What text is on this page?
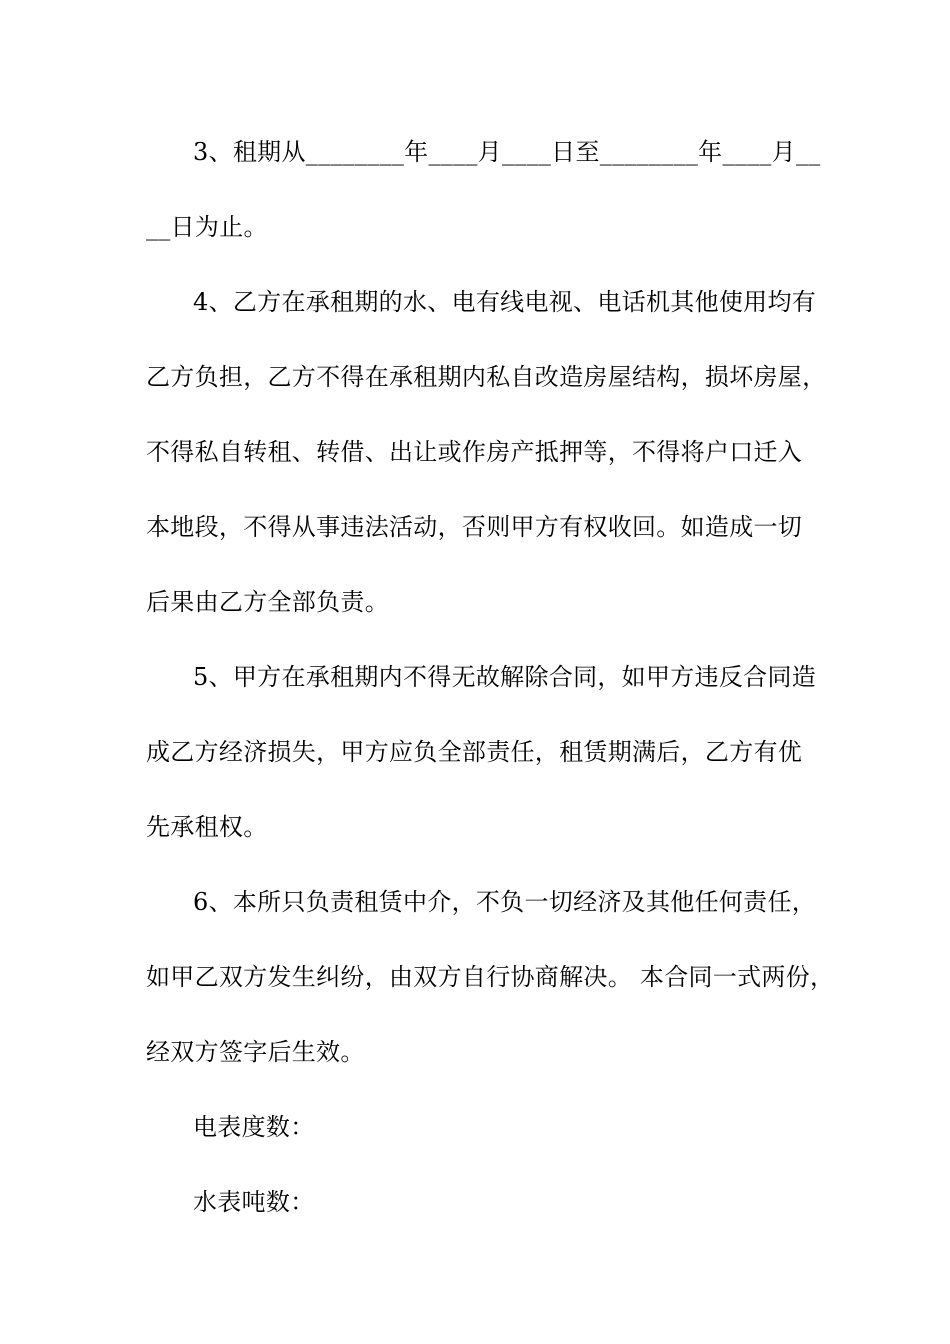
3、租期从________年____月____日至________年____月__
__日为止。
4、乙方在承租期的水、电有线电视、电话机其他使用均有
乙方负担，乙方不得在承租期内私自改造房屋结构，损坏房屋，
不得私自转租、转借、出让或作房产抵押等，不得将户口迁入
本地段，不得从事违法活动，否则甲方有权收回。如造成一切
后果由乙方全部负责。
5、甲方在承租期内不得无故解除合同，如甲方违反合同造
成乙方经济损失，甲方应负全部责任，租赁期满后，乙方有优
先承租权。
6、本所只负责租赁中介，不负一切经济及其他任何责任，
如甲乙双方发生纠纷，由双方自行协商解决。 本合同一式两份，
经双方签字后生效。
电表度数：
水表吨数：
